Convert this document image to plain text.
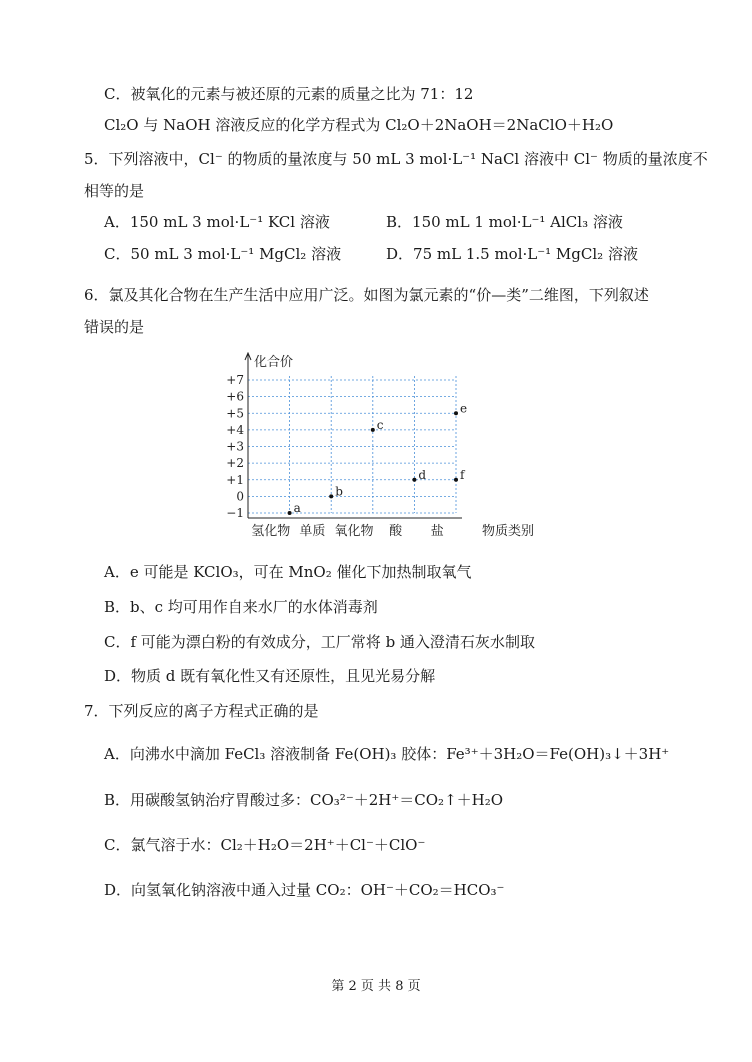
C．被氧化的元素与被还原的元素的质量之比为 71：12
Cl₂O 与 NaOH 溶液反应的化学方程式为 Cl₂O＋2NaOH＝2NaClO＋H₂O
5．下列溶液中，Cl⁻ 的物质的量浓度与 50 mL 3 mol·L⁻¹ NaCl 溶液中 Cl⁻ 物质的量浓度不
相等的是
A．150 mL 3 mol·L⁻¹ KCl 溶液	B．150 mL 1 mol·L⁻¹ AlCl₃ 溶液
C．50 mL 3 mol·L⁻¹ MgCl₂ 溶液	D．75 mL 1.5 mol·L⁻¹ MgCl₂ 溶液
6．氯及其化合物在生产生活中应用广泛。如图为氯元素的“价—类”二维图，下列叙述
错误的是
+7
+6
+5
+4
+3
+2
+1
0
−1
氢化物 单质 氧化物 酸 盐
a
b
c
d
e
f
化合价
物质类别
A．e 可能是 KClO₃，可在 MnO₂ 催化下加热制取氧气
B．b、c 均可用作自来水厂的水体消毒剂
C．f 可能为漂白粉的有效成分，工厂常将 b 通入澄清石灰水制取
D．物质 d 既有氧化性又有还原性，且见光易分解
7．下列反应的离子方程式正确的是
A．向沸水中滴加 FeCl₃ 溶液制备 Fe(OH)₃ 胶体：Fe³⁺＋3H₂O＝Fe(OH)₃↓＋3H⁺
B．用碳酸氢钠治疗胃酸过多：CO₃²⁻＋2H⁺＝CO₂↑＋H₂O
C．氯气溶于水：Cl₂＋H₂O＝2H⁺＋Cl⁻＋ClO⁻
D．向氢氧化钠溶液中通入过量 CO₂：OH⁻＋CO₂＝HCO₃⁻
第 2 页 共 8 页
